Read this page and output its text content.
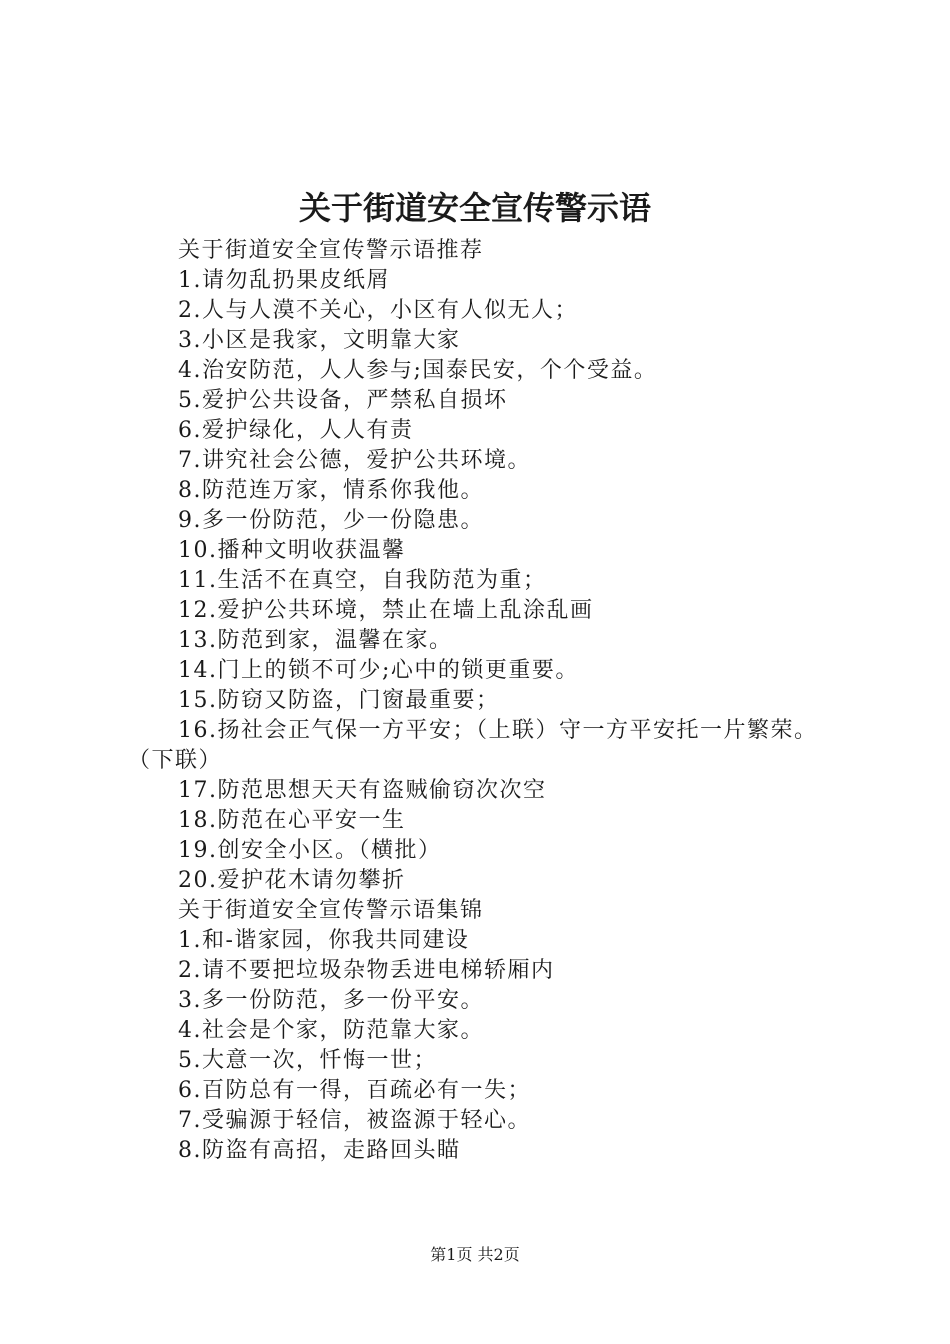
关于街道安全宣传警示语
关于街道安全宣传警示语推荐
1.请勿乱扔果皮纸屑
2.人与人漠不关心，小区有人似无人；
3.小区是我家，文明靠大家
4.治安防范，人人参与;国泰民安，个个受益。
5.爱护公共设备，严禁私自损坏
6.爱护绿化，人人有责
7.讲究社会公德，爱护公共环境。
8.防范连万家，情系你我他。
9.多一份防范，少一份隐患。
10.播种文明收获温馨
11.生活不在真空，自我防范为重；
12.爱护公共环境，禁止在墙上乱涂乱画
13.防范到家，温馨在家。
14.门上的锁不可少;心中的锁更重要。
15.防窃又防盗，门窗最重要；
16.扬社会正气保一方平安；（上联）守一方平安托一片繁荣。（下联）
17.防范思想天天有盗贼偷窃次次空
18.防范在心平安一生
19.创安全小区。（横批）
20.爱护花木请勿攀折
关于街道安全宣传警示语集锦
1.和-谐家园，你我共同建设
2.请不要把垃圾杂物丢进电梯轿厢内
3.多一份防范，多一份平安。
4.社会是个家，防范靠大家。
5.大意一次，忏悔一世；
6.百防总有一得，百疏必有一失；
7.受骗源于轻信，被盗源于轻心。
8.防盗有高招，走路回头瞄
第1页 共2页
